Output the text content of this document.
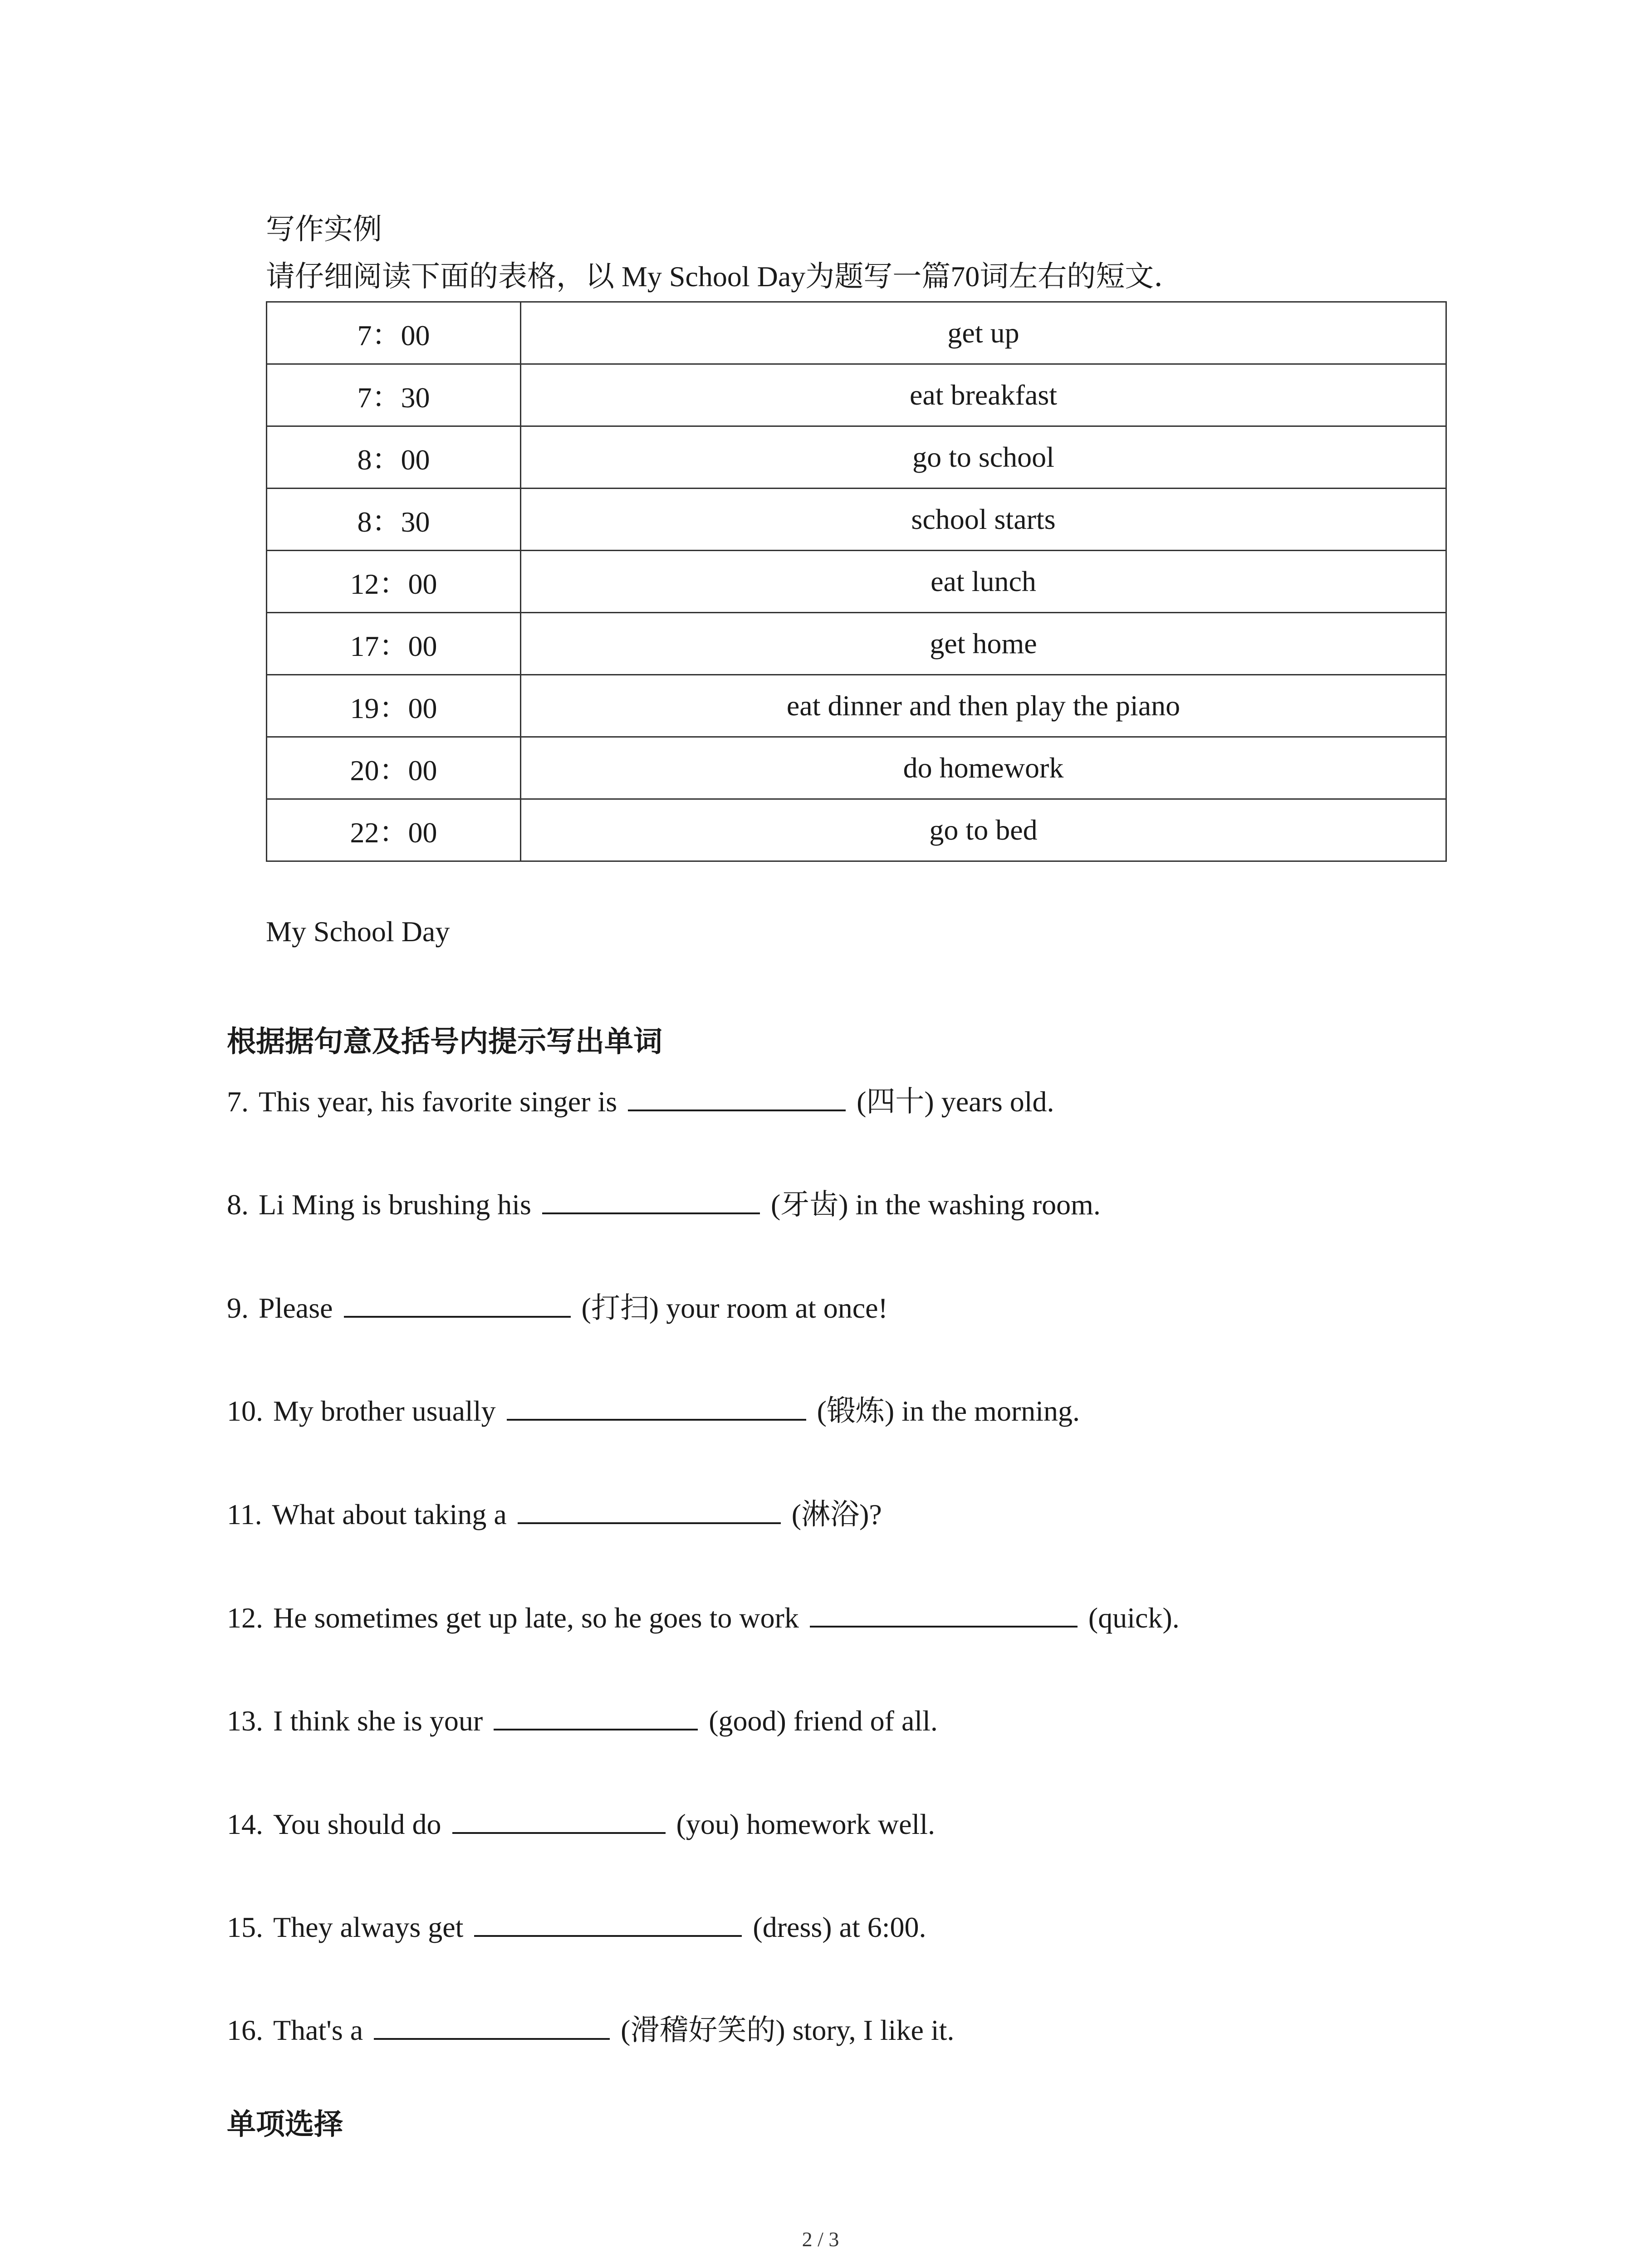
写作实例
请仔细阅读下面的表格，以 My School Day为题写一篇70词左右的短文．
7：00	get up
7：30	eat breakfast
8：00	go to school
8：30	school starts
12：00	eat lunch
17：00	get home
19：00	eat dinner and then play the piano
20：00	do homework
22：00	go to bed
My School Day
根据据句意及括号内提示写出单词
7. This year, his favorite singer is	(四十) years old.
8. Li Ming is brushing his	(牙齿) in the washing room.
9. Please	(打扫) your room at once!
10. My brother usually	(锻炼) in the morning.
11. What about taking a	(淋浴)?
12. He sometimes get up late, so he goes to work	(quick).
13. I think she is your	(good) friend of all.
14. You should do	(you) homework well.
15. They always get	(dress) at 6:00.
16. That's a	(滑稽好笑的) story, I like it.
单项选择
2 / 3
